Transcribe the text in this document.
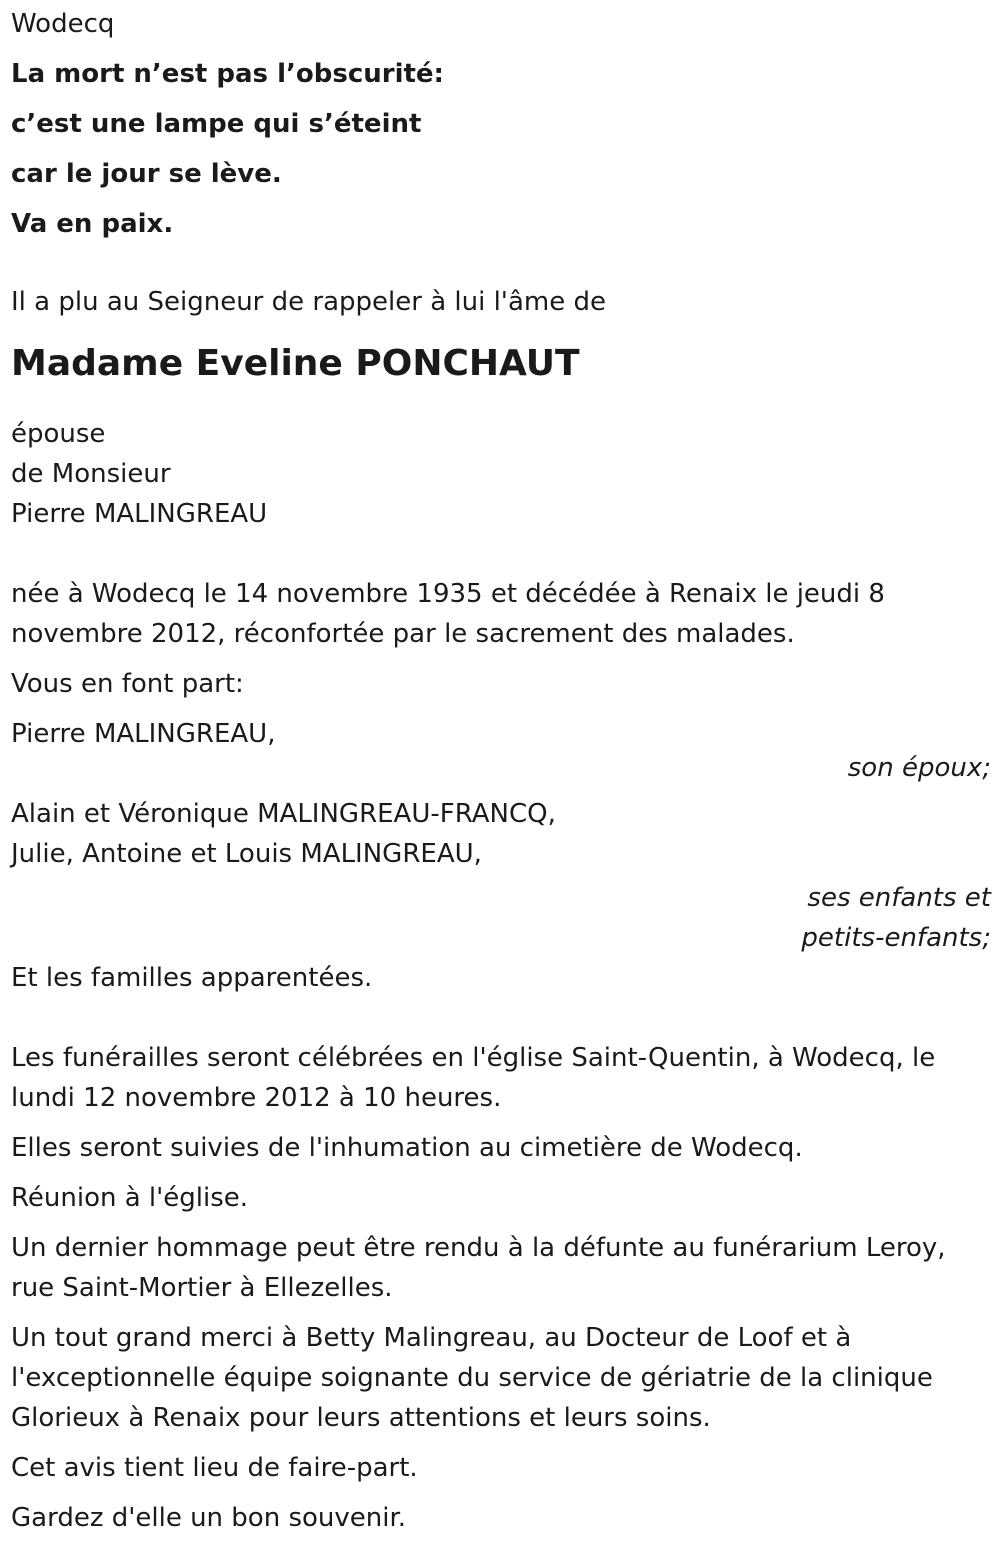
Wodecq
La mort n’est pas l’obscurité:
c’est une lampe qui s’éteint
car le jour se lève.
Va en paix.
Il a plu au Seigneur de rappeler à lui l'âme de
Madame Eveline PONCHAUT
épouse
de Monsieur
Pierre MALINGREAU
née à Wodecq le 14 novembre 1935 et décédée à Renaix le jeudi 8
novembre 2012, réconfortée par le sacrement des malades.
Vous en font part:
Pierre MALINGREAU,
son époux;
Alain et Véronique MALINGREAU-FRANCQ,
Julie, Antoine et Louis MALINGREAU,
ses enfants et
petits-enfants;
Et les familles apparentées.
Les funérailles seront célébrées en l'église Saint-Quentin, à Wodecq, le
lundi 12 novembre 2012 à 10 heures.
Elles seront suivies de l'inhumation au cimetière de Wodecq.
Réunion à l'église.
Un dernier hommage peut être rendu à la défunte au funérarium Leroy,
rue Saint-Mortier à Ellezelles.
Un tout grand merci à Betty Malingreau, au Docteur de Loof et à
l'exceptionnelle équipe soignante du service de gériatrie de la clinique
Glorieux à Renaix pour leurs attentions et leurs soins.
Cet avis tient lieu de faire-part.
Gardez d'elle un bon souvenir.
